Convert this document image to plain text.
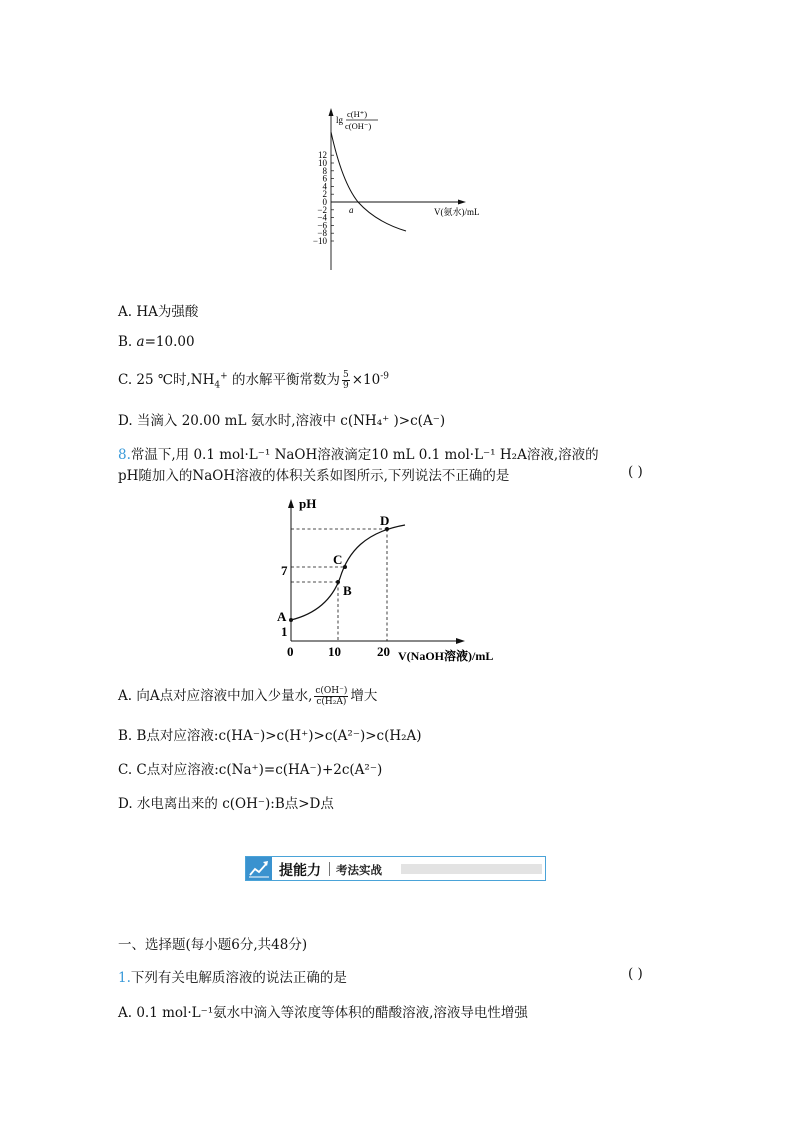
lg
c(H⁺)
c(OH⁻)
12
10
8
6
4
2
0
−2
−4
−6
−8
−10
a	V(氨水)/mL
A. HA为强酸
B. a=10.00
C. 25 ℃时$,NH_4^+$ 的水解平衡常数为 $\frac{5}{9} \times 10^{-9}$
D. 当滴入 20.00 mL 氨水时,溶液中 c(NH₄⁺ )>c(A⁻)
8.常温下,用 0.1 mol·L⁻¹ NaOH溶液滴定10 mL 0.1 mol·L⁻¹ H₂A溶液,溶液的
pH随加入的NaOH溶液的体积关系如图所示,下列说法不正确的是	( )
pH
1
7
0	10	20 V(NaOH溶液)/mL
A
B
C
D
A. 向A点对应溶液中加入少量水, $\frac{c(OH^-)}{\text{c(H₂A)}}$ 增大
B. B点对应溶液:c(HA⁻)>c(H⁺)>c(A²⁻)>c(H₂A)
C. C点对应溶液:c(Na⁺)=c(HA⁻)+2c(A²⁻)
D. 水电离出来的 c(OH⁻):B点>D点
提能力 考法实战
一、选择题(每小题6分,共48分)
1.下列有关电解质溶液的说法正确的是	( )
A. 0.1 mol·L⁻¹氨水中滴入等浓度等体积的醋酸溶液,溶液导电性增强
